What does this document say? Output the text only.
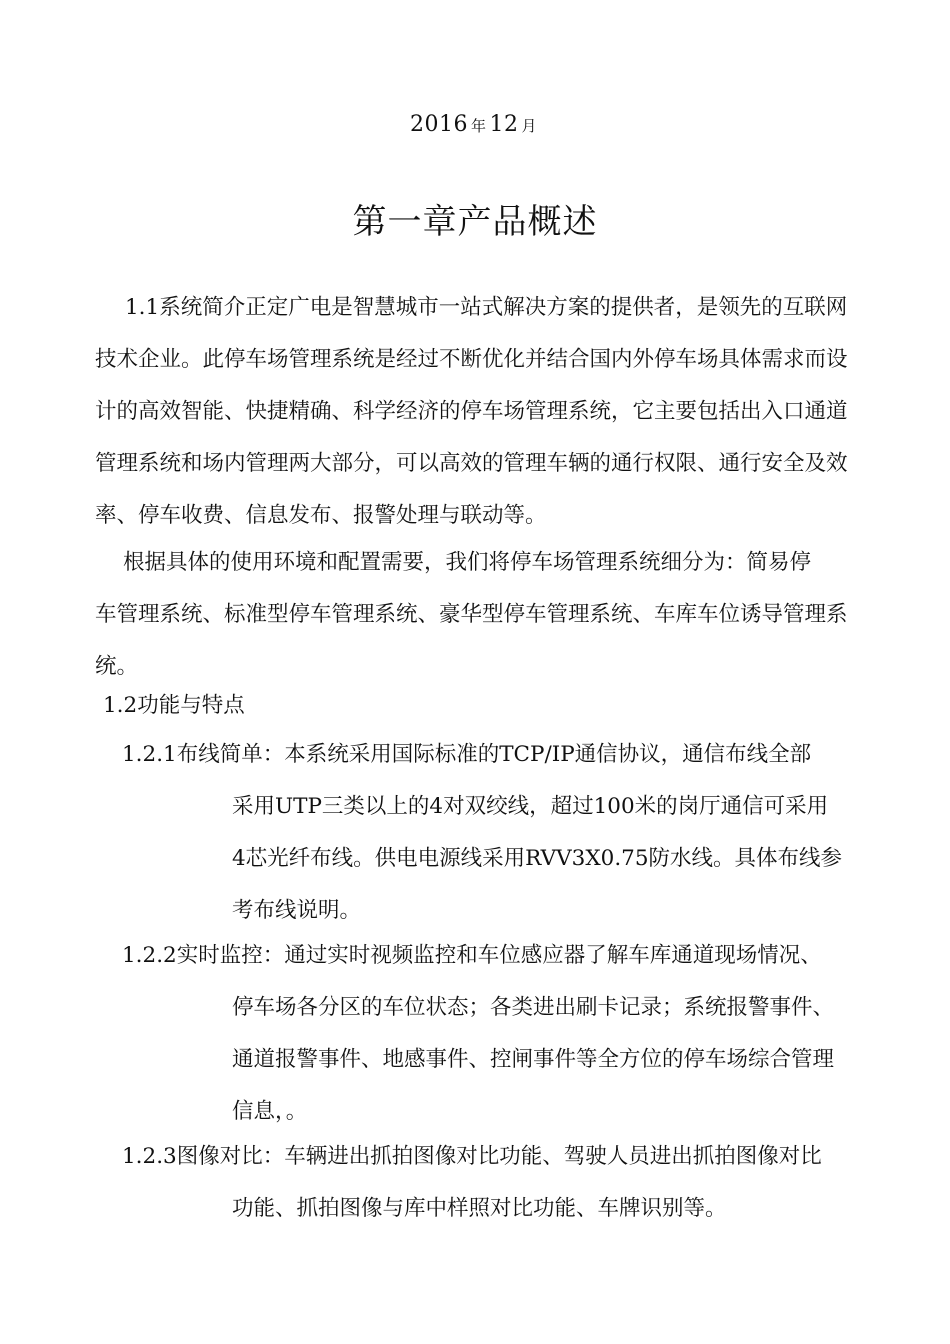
2016 年 12 月
第一章产品概述
1.1系统简介正定广电是智慧城市一站式解决方案的提供者，是领先的互联网
技术企业。此停车场管理系统是经过不断优化并结合国内外停车场具体需求而设
计的高效智能、快捷精确、科学经济的停车场管理系统，它主要包括出入口通道
管理系统和场内管理两大部分，可以高效的管理车辆的通行权限、通行安全及效
率、停车收费、信息发布、报警处理与联动等。
根据具体的使用环境和配置需要，我们将停车场管理系统细分为：简易停
车管理系统、标准型停车管理系统、豪华型停车管理系统、车库车位诱导管理系
统。
1.2功能与特点
1.2.1布线简单：本系统采用国际标准的TCP/IP通信协议，通信布线全部
采用UTP三类以上的4对双绞线，超过100米的岗厅通信可采用
4芯光纤布线。供电电源线采用RVV3X0.75防水线。具体布线参
考布线说明。
1.2.2实时监控：通过实时视频监控和车位感应器了解车库通道现场情况、
停车场各分区的车位状态；各类进出刷卡记录；系统报警事件、
通道报警事件、地感事件、控闸事件等全方位的停车场综合管理
信息，。
1.2.3图像对比：车辆进出抓拍图像对比功能、驾驶人员进出抓拍图像对比
功能、抓拍图像与库中样照对比功能、车牌识别等。
